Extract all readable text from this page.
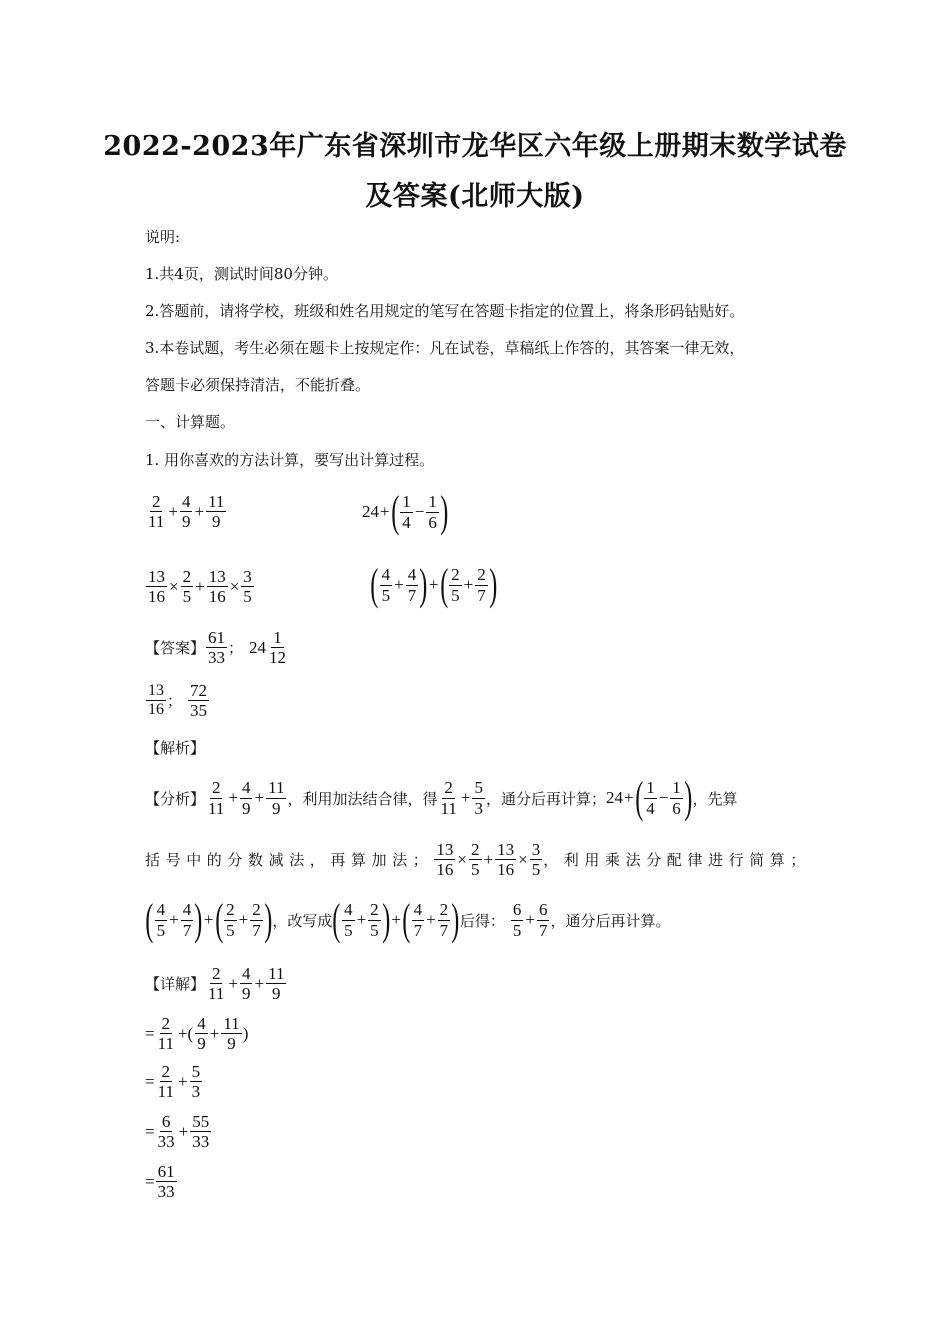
2022-2023年广东省深圳市龙华区六年级上册期末数学试卷
及答案(北师大版)
说明:
1.共4页，测试时间80分钟。
2.答题前，请将学校，班级和姓名用规定的笔写在答题卡指定的位置上，将条形码钻贴好。
3.本卷试题，考生必须在题卡上按规定作：凡在试卷，草稿纸上作答的，其答案一律无效，
答题卡必须保持清洁，不能折叠。
一、计算题。
1. 用你喜欢的方法计算，要写出计算过程。
$\frac{2}{11} + \frac{4}{9} + \frac{11}{9}$	24 + ( $\frac{1}{4} - \frac{1}{6}$ )
$\frac{13}{16} \times \frac{2}{5} + \frac{13}{16} \times \frac{3}{5}$	( $\frac{4}{5} + \frac{4}{7}$ ) + ( $\frac{2}{5} + \frac{2}{7}$ )
【答案】 $\frac{61}{33}$ ； $24 \frac{1}{12}$
$\frac{13}{16}$ ； $\frac{72}{35}$
【解析】
【分析】 $\frac{2}{11} + \frac{4}{9} + \frac{11}{9}$ ，利用加法结合律，得 $\frac{2}{11} + \frac{5}{3}$ ，通分后再计算； 24 + ( $\frac{1}{4} - \frac{1}{6}$ ) ，先算
括号中的分数减法，再算加法； $\frac{13}{16} \times \frac{2}{5} + \frac{13}{16} \times \frac{3}{5}$ ，利用乘法分配律进行简算；
( $\frac{4}{5} + \frac{4}{7}$ ) + ( $\frac{2}{5} + \frac{2}{7}$ ) ，改写成 ( $\frac{4}{5} + \frac{2}{5}$ ) + ( $\frac{4}{7} + \frac{2}{7}$ ) 后得： $\frac{6}{5} + \frac{6}{7}$ ，通分后再计算。
【详解】 $\frac{2}{11} + \frac{4}{9} + \frac{11}{9}$
= $\frac{2}{11}$ +( $\frac{4}{9} + \frac{11}{9}$ )
= $\frac{2}{11} + \frac{5}{3}$
= $\frac{6}{33} + \frac{55}{33}$
= $\frac{61}{33}$
